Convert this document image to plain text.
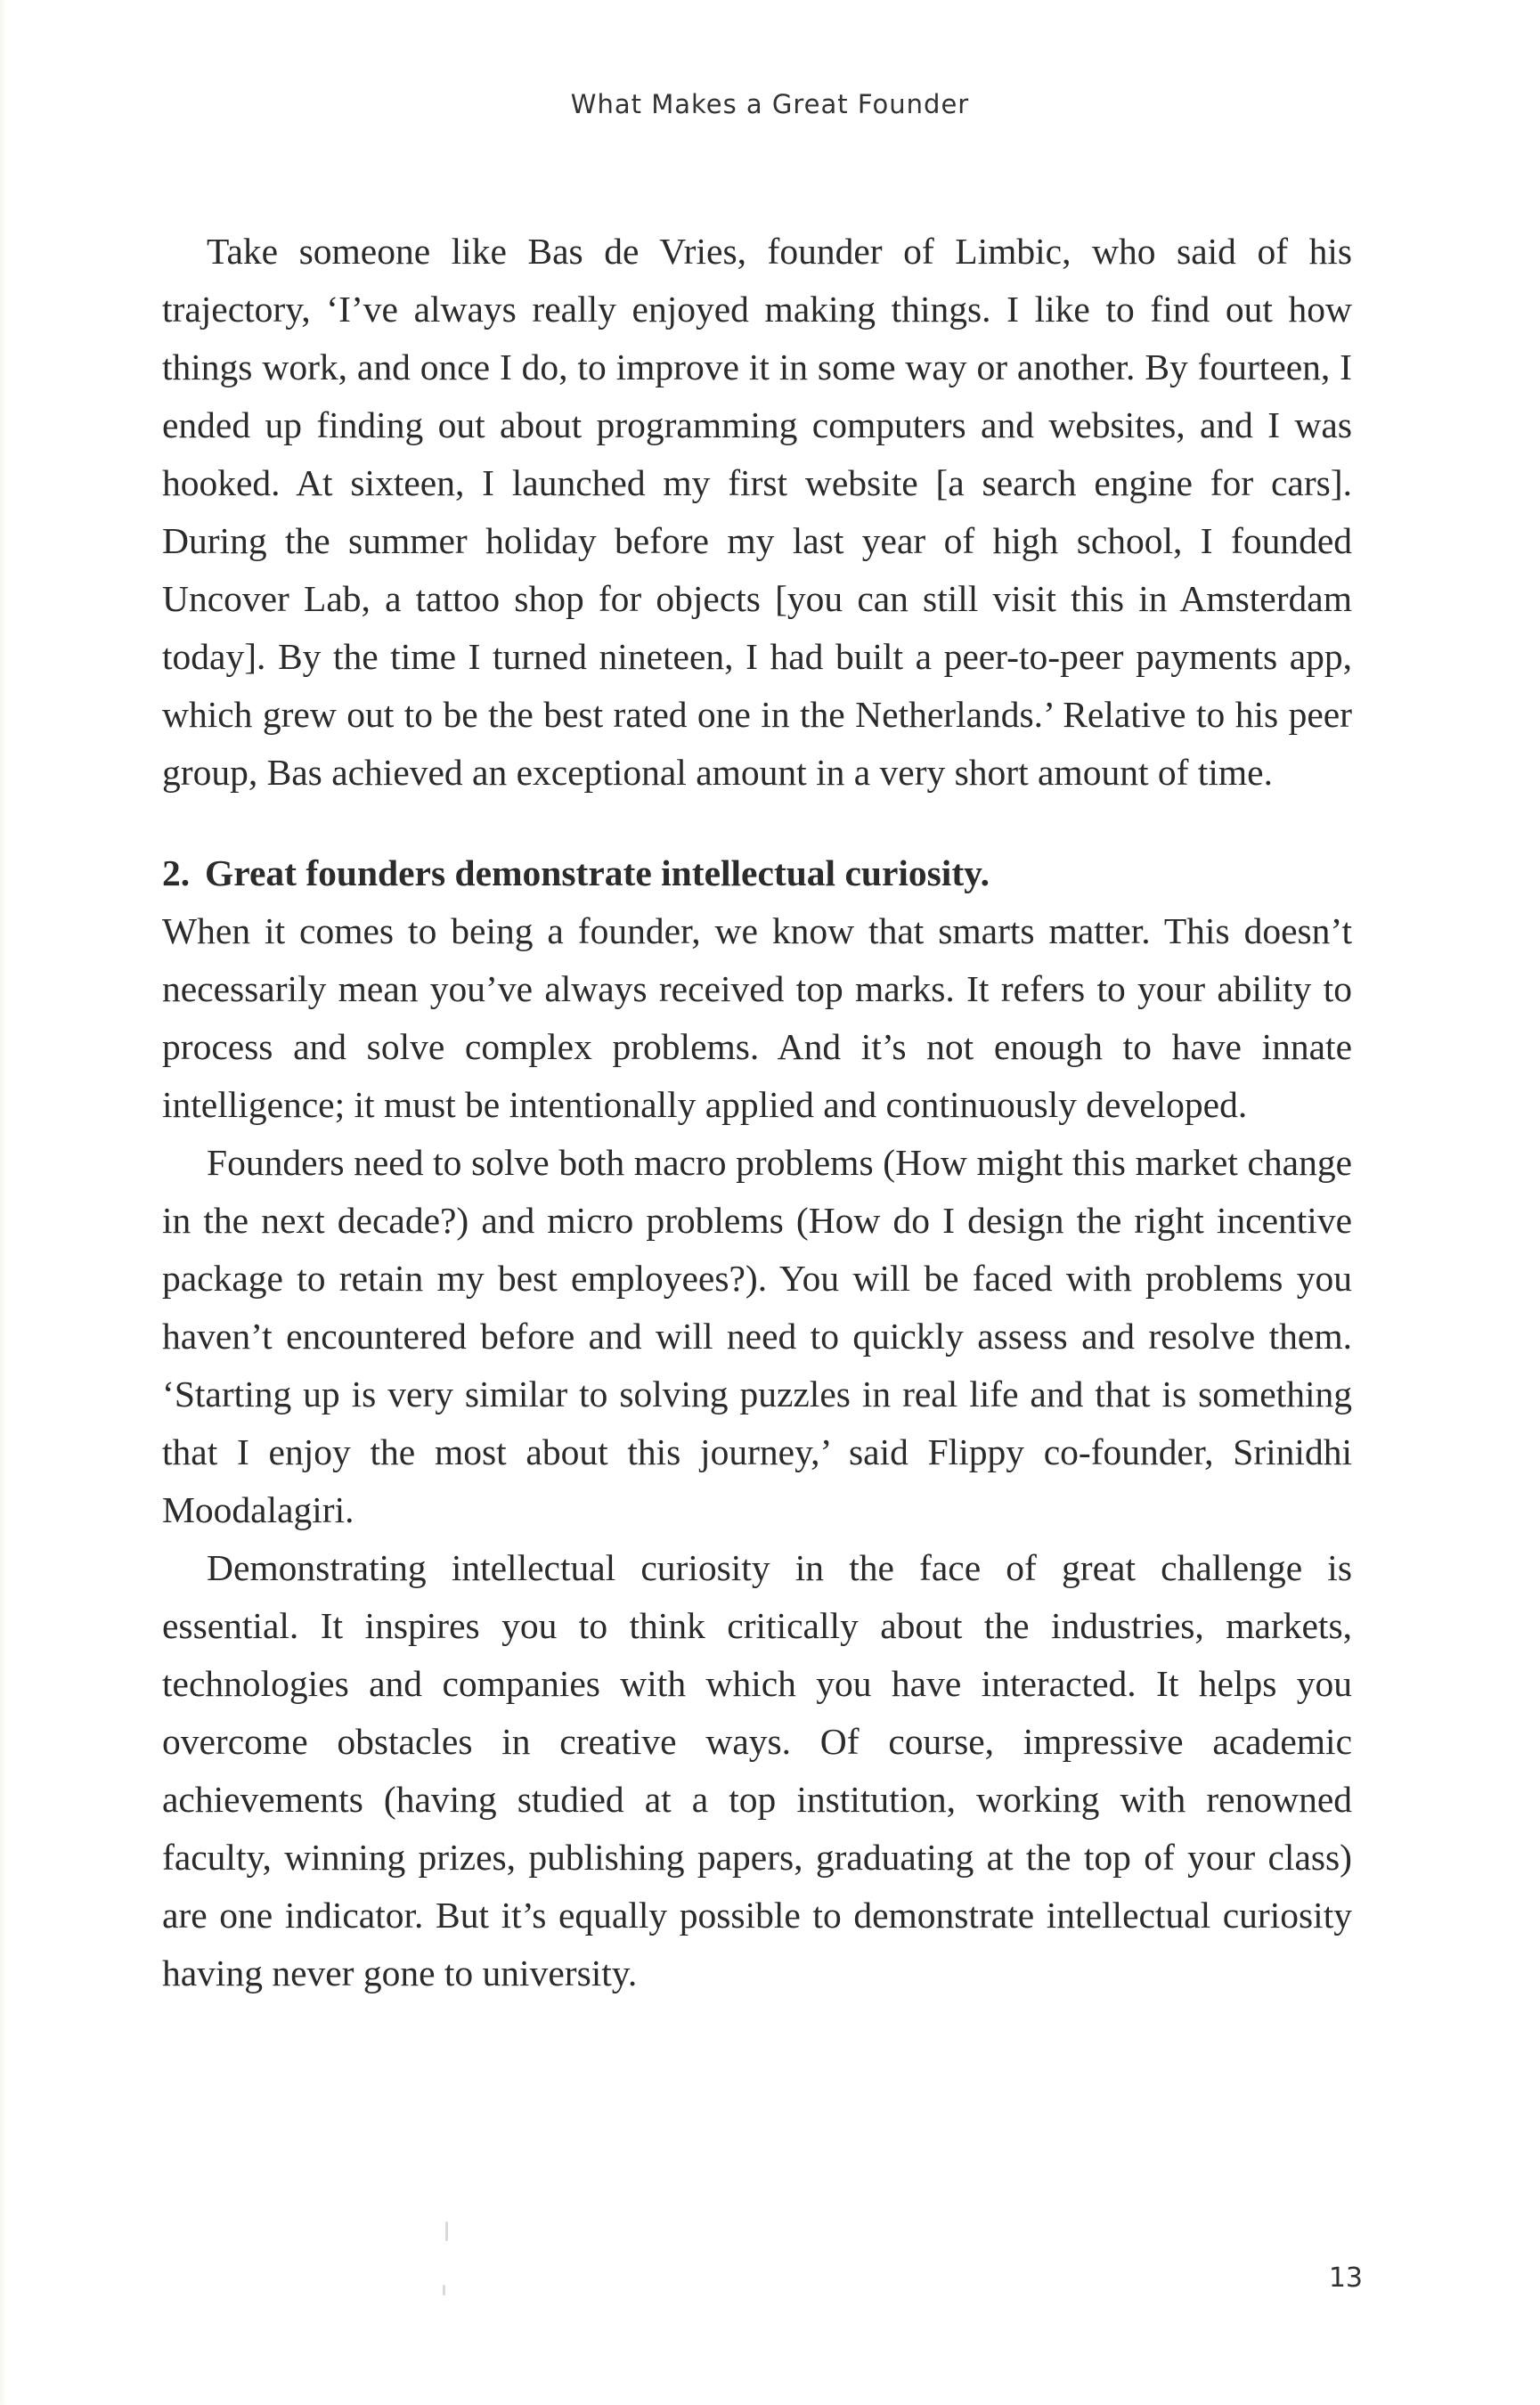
What Makes a Great Founder

Take someone like Bas de Vries, founder of Limbic, who said of his trajectory, ‘I’ve always really enjoyed making things. I like to find out how things work, and once I do, to improve it in some way or another. By fourteen, I ended up finding out about programming computers and websites, and I was hooked. At sixteen, I launched my first website [a search engine for cars]. During the summer holiday before my last year of high school, I founded Uncover Lab, a tattoo shop for objects [you can still visit this in Amsterdam today]. By the time I turned nineteen, I had built a peer-to-peer payments app, which grew out to be the best rated one in the Netherlands.’ Relative to his peer group, Bas achieved an exceptional amount in a very short amount of time.

2. Great founders demonstrate intellectual curiosity.

When it comes to being a founder, we know that smarts matter. This doesn’t necessarily mean you’ve always received top marks. It refers to your ability to process and solve complex problems. And it’s not enough to have innate intelligence; it must be intentionally applied and continuously developed.

Founders need to solve both macro problems (How might this market change in the next decade?) and micro problems (How do I design the right incentive package to retain my best employees?). You will be faced with problems you haven’t encountered before and will need to quickly assess and resolve them. ‘Starting up is very similar to solving puzzles in real life and that is something that I enjoy the most about this journey,’ said Flippy co-founder, Srinidhi Moodalagiri.

Demonstrating intellectual curiosity in the face of great challenge is essential. It inspires you to think critically about the industries, markets, technologies and companies with which you have interacted. It helps you overcome obstacles in creative ways. Of course, impressive academic achievements (having studied at a top institution, working with renowned faculty, winning prizes, publishing papers, graduating at the top of your class) are one indicator. But it’s equally possible to demonstrate intellectual curiosity having never gone to university.

13
